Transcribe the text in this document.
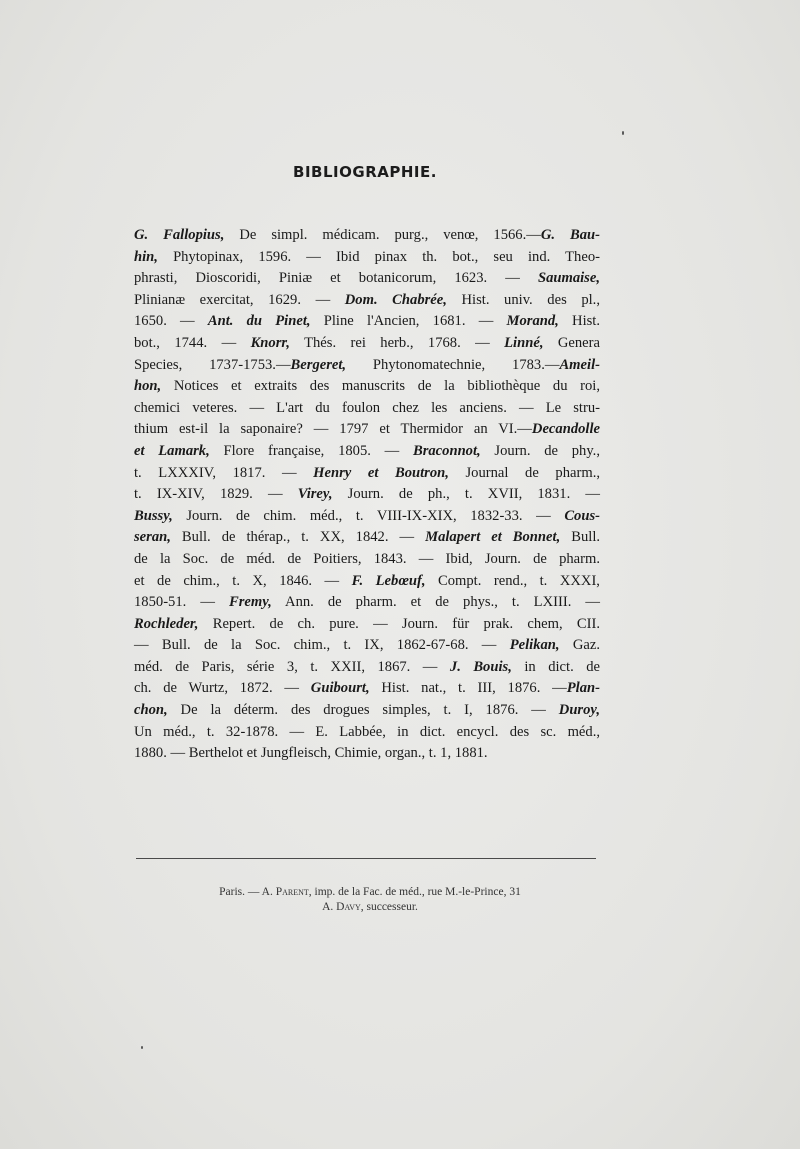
BIBLIOGRAPHIE.
G. Fallopius, De simpl. médicam. purg., venœ, 1566.—G. Bau-
hin, Phytopinax, 1596. — Ibid pinax th. bot., seu ind. Theo-
phrasti, Dioscoridi, Piniæ et botanicorum, 1623. — Saumaise,
Plinianæ exercitat, 1629. — Dom. Chabrée, Hist. univ. des pl.,
1650. — Ant. du Pinet, Pline l'Ancien, 1681. — Morand, Hist.
bot., 1744. — Knorr, Thés. rei herb., 1768. — Linné, Genera
Species, 1737-1753.—Bergeret, Phytonomatechnie, 1783.—Ameil-
hon, Notices et extraits des manuscrits de la bibliothèque du roi,
chemici veteres. — L'art du foulon chez les anciens. — Le stru-
thium est-il la saponaire? — 1797 et Thermidor an VI.—Decandolle
et Lamark, Flore française, 1805. — Braconnot, Journ. de phy.,
t. LXXXIV, 1817. — Henry et Boutron, Journal de pharm.,
t. IX-XIV, 1829. — Virey, Journ. de ph., t. XVII, 1831. —
Bussy, Journ. de chim. méd., t. VIII-IX-XIX, 1832-33. — Cous-
seran, Bull. de thérap., t. XX, 1842. — Malapert et Bonnet, Bull.
de la Soc. de méd. de Poitiers, 1843. — Ibid, Journ. de pharm.
et de chim., t. X, 1846. — F. Lebœuf, Compt. rend., t. XXXI,
1850-51. — Fremy, Ann. de pharm. et de phys., t. LXIII. —
Rochleder, Repert. de ch. pure. — Journ. für prak. chem, CII.
— Bull. de la Soc. chim., t. IX, 1862-67-68. — Pelikan, Gaz.
méd. de Paris, série 3, t. XXII, 1867. — J. Bouis, in dict. de
ch. de Wurtz, 1872. — Guibourt, Hist. nat., t. III, 1876. —Plan-
chon, De la déterm. des drogues simples, t. I, 1876. — Duroy,
Un méd., t. 32-1878. — E. Labbée, in dict. encycl. des sc. méd.,
1880. — Berthelot et Jungfleisch, Chimie, organ., t. 1, 1881.
Paris. — A. Parent, imp. de la Fac. de méd., rue M.-le-Prince, 31
A. Davy, successeur.
